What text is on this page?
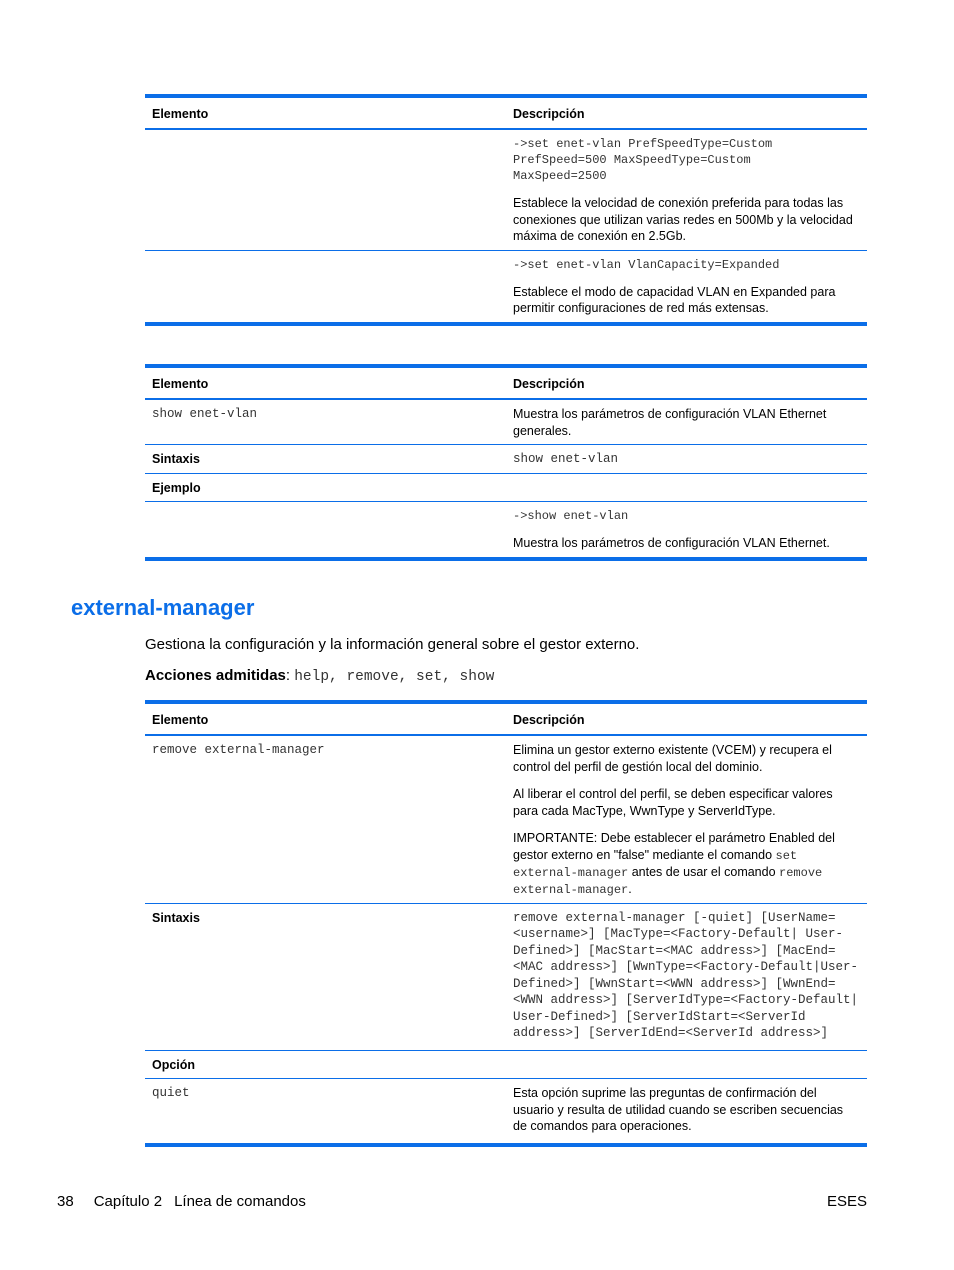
Elemento	Descripción

	->set enet-vlan PrefSpeedType=Custom PrefSpeed=500 MaxSpeedType=Custom MaxSpeed=2500
Establece la velocidad de conexión preferida para todas las conexiones que utilizan varias redes en 500Mb y la velocidad máxima de conexión en 2.5Gb.

	->set enet-vlan VlanCapacity=Expanded
Establece el modo de capacidad VLAN en Expanded para permitir configuraciones de red más extensas.
Elemento	Descripción
show enet-vlan	Muestra los parámetros de configuración VLAN Ethernet generales.
Sintaxis	show enet-vlan
Ejemplo	

	->show enet-vlan
Muestra los parámetros de configuración VLAN Ethernet.
external-manager

Gestiona la configuración y la información general sobre el gestor externo.

Acciones admitidas: help, remove, set, show

Elemento	Descripción
remove external-manager	Elimina un gestor externo existente (VCEM) y recupera el control del perfil de gestión local del dominio.
Al liberar el control del perfil, se deben especificar valores para cada MacType, WwnType y ServerIdType.
IMPORTANTE: Debe establecer el parámetro Enabled del gestor externo en "false" mediante el comando set external-manager antes de usar el comando remove external-manager.

Sintaxis	remove external-manager [-quiet] [UserName=<username>] [MacType=<Factory-Default| User-Defined>] [MacStart=<MAC address>] [MacEnd=<MAC address>] [WwnType=<Factory-Default|User-Defined>] [WwnStart=<WWN address>] [WwnEnd=<WWN address>] [ServerIdType=<Factory-Default| User-Defined>] [ServerIdStart=<ServerId address>] [ServerIdEnd=<ServerId address>]
Opción	
quiet	Esta opción suprime las preguntas de confirmación del usuario y resulta de utilidad cuando se escriben secuencias de comandos para operaciones.
38 Capítulo 2 Línea de comandos	ESES
